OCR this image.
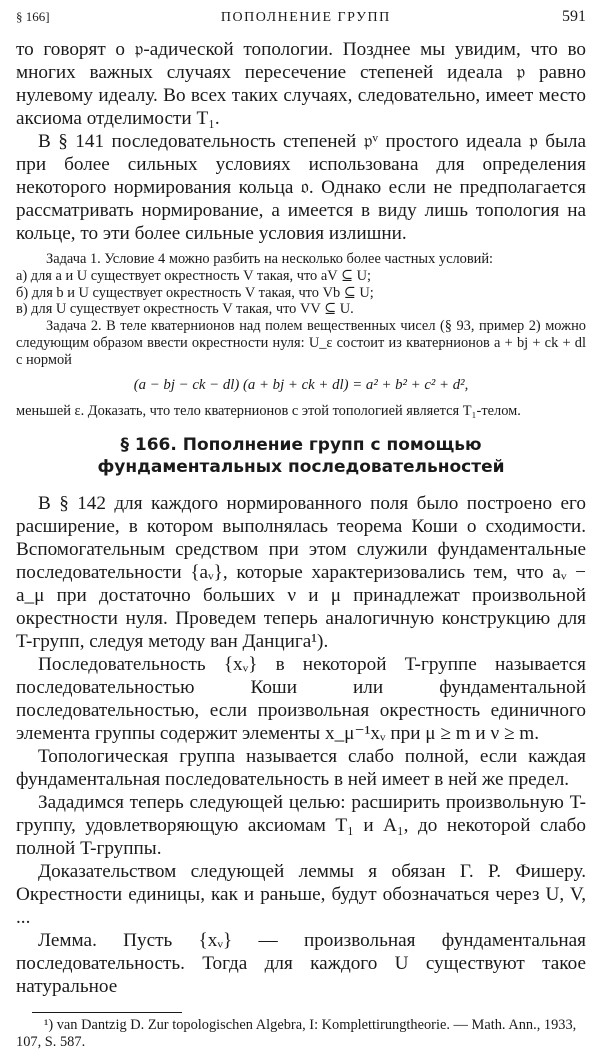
§ 166]	ПОПОЛНЕНИЕ ГРУПП	591

то говорят о 𝔭-адической топологии. Позднее мы увидим, что во многих важных случаях пересечение степеней идеала 𝔭 равно нулевому идеалу. Во всех таких случаях, следовательно, имеет место аксиома отделимости T₁.

В § 141 последовательность степеней 𝔭ᵛ простого идеала 𝔭 была при более сильных условиях использована для определения некоторого нормирования кольца 𝔬. Однако если не предполагается рассматривать нормирование, а имеется в виду лишь топология на кольце, то эти более сильные условия излишни.

Задача 1. Условие 4 можно разбить на несколько более частных условий:

а) для a и U существует окрестность V такая, что aV ⊆ U;

б) для b и U существует окрестность V такая, что Vb ⊆ U;

в) для U существует окрестность V такая, что VV ⊆ U.

Задача 2. В теле кватернионов над полем вещественных чисел (§ 93, пример 2) можно следующим образом ввести окрестности нуля: U_ε состоит из кватернионов a + bj + ck + dl с нормой

(a − bj − ck − dl) (a + bj + ck + dl) = a² + b² + c² + d²,

меньшей ε. Доказать, что тело кватернионов с этой топологией является T₁-телом.

§ 166. Пополнение групп с помощью
фундаментальных последовательностей

В § 142 для каждого нормированного поля было построено его расширение, в котором выполнялась теорема Коши о сходимости. Вспомогательным средством при этом служили фундаментальные последовательности {aᵥ}, которые характеризовались тем, что aᵥ − a_μ при достаточно больших ν и μ принадлежат произвольной окрестности нуля. Проведем теперь аналогичную конструкцию для T-групп, следуя методу ван Данцига¹).

Последовательность {xᵥ} в некоторой T-группе называется последовательностью Коши или фундаментальной последовательностью, если произвольная окрестность единичного элемента группы содержит элементы x_μ⁻¹xᵥ при μ ≥ m и ν ≥ m.

Топологическая группа называется слабо полной, если каждая фундаментальная последовательность в ней имеет в ней же предел.

Зададимся теперь следующей целью: расширить произвольную T-группу, удовлетворяющую аксиомам T₁ и A₁, до некоторой слабо полной T-группы.

Доказательством следующей леммы я обязан Г. Р. Фишеру. Окрестности единицы, как и раньше, будут обозначаться через U, V, ...

Лемма. Пусть {xᵥ} — произвольная фундаментальная последовательность. Тогда для каждого U существуют такое натуральное

¹) van Dantzig D. Zur topologischen Algebra, I: Komplettirungtheorie. — Math. Ann., 1933, 107, S. 587.
